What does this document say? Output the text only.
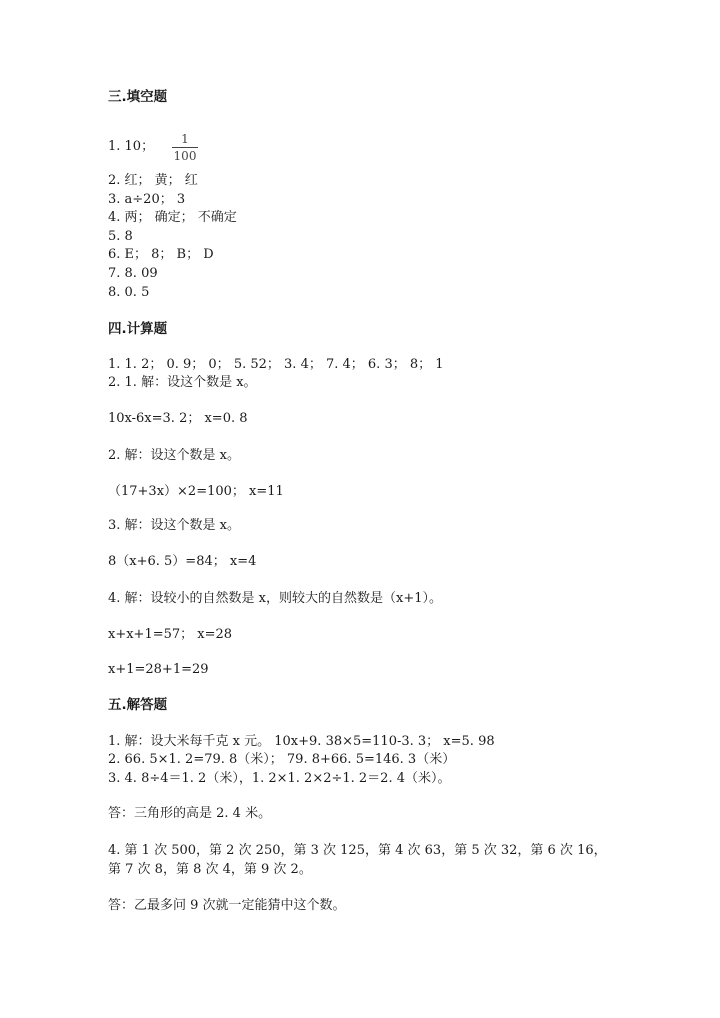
三.填空题
1. 10；	1
100
2. 红； 黄； 红
3. a÷20； 3
4. 两； 确定； 不确定
5. 8
6. E； 8； B； D
7. 8. 09
8. 0. 5
四.计算题
1. 1. 2； 0. 9； 0； 5. 52； 3. 4； 7. 4； 6. 3； 8； 1
2. 1. 解：设这个数是 x。
10x-6x=3. 2； x=0. 8
2. 解：设这个数是 x。
（17+3x）×2=100； x=11
3. 解：设这个数是 x。
8（x+6. 5）=84； x=4
4. 解：设较小的自然数是 x，则较大的自然数是（x+1）。
x+x+1=57； x=28
x+1=28+1=29
五.解答题
1. 解：设大米每千克 x 元。 10x+9. 38×5=110-3. 3； x=5. 98
2. 66. 5×1. 2=79. 8（米）； 79. 8+66. 5=146. 3（米）
3. 4. 8÷4＝1. 2（米），1. 2×1. 2×2÷1. 2＝2. 4（米）。
答：三角形的高是 2. 4 米。
4. 第 1 次 500，第 2 次 250，第 3 次 125，第 4 次 63，第 5 次 32，第 6 次 16，
第 7 次 8，第 8 次 4，第 9 次 2。
答：乙最多问 9 次就一定能猜中这个数。
